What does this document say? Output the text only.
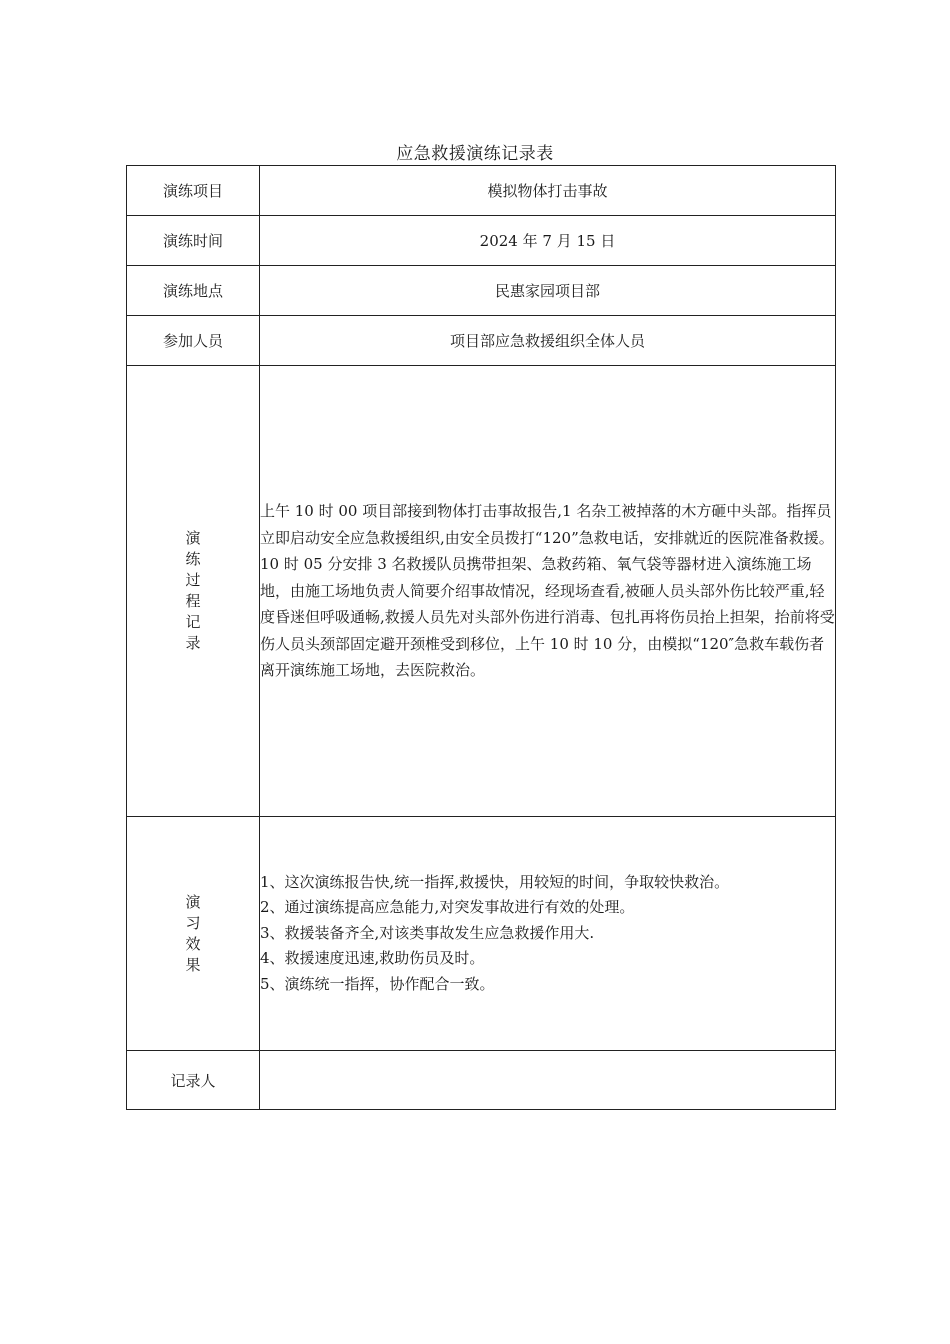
应急救援演练记录表
演练项目	模拟物体打击事故
演练时间	2024 年 7 月 15 日
演练地点	民惠家园项目部
参加人员	项目部应急救援组织全体人员
演练过程记录	上午 10 时 00 项目部接到物体打击事故报告,1 名杂工被掉落的木方砸中头部。指挥员立即启动安全应急救援组织,由安全员拨打“120”急救电话，安排就近的医院准备救援。10 时 05 分安排 3 名救援队员携带担架、急救药箱、氧气袋等器材进入演练施工场地，由施工场地负责人简要介绍事故情况，经现场查看,被砸人员头部外伤比较严重,轻度昏迷但呼吸通畅,救援人员先对头部外伤进行消毒、包扎再将伤员抬上担架，抬前将受伤人员头颈部固定避开颈椎受到移位，上午 10 时 10 分，由模拟“120″急救车载伤者离开演练施工场地，去医院救治。
演习效果	1、这次演练报告快,统一指挥,救援快，用较短的时间，争取较快救治。
2、通过演练提高应急能力,对突发事故进行有效的处理。
3、救援装备齐全,对该类事故发生应急救援作用大.
4、救援速度迅速,救助伤员及时。
5、演练统一指挥，协作配合一致。

记录人	
